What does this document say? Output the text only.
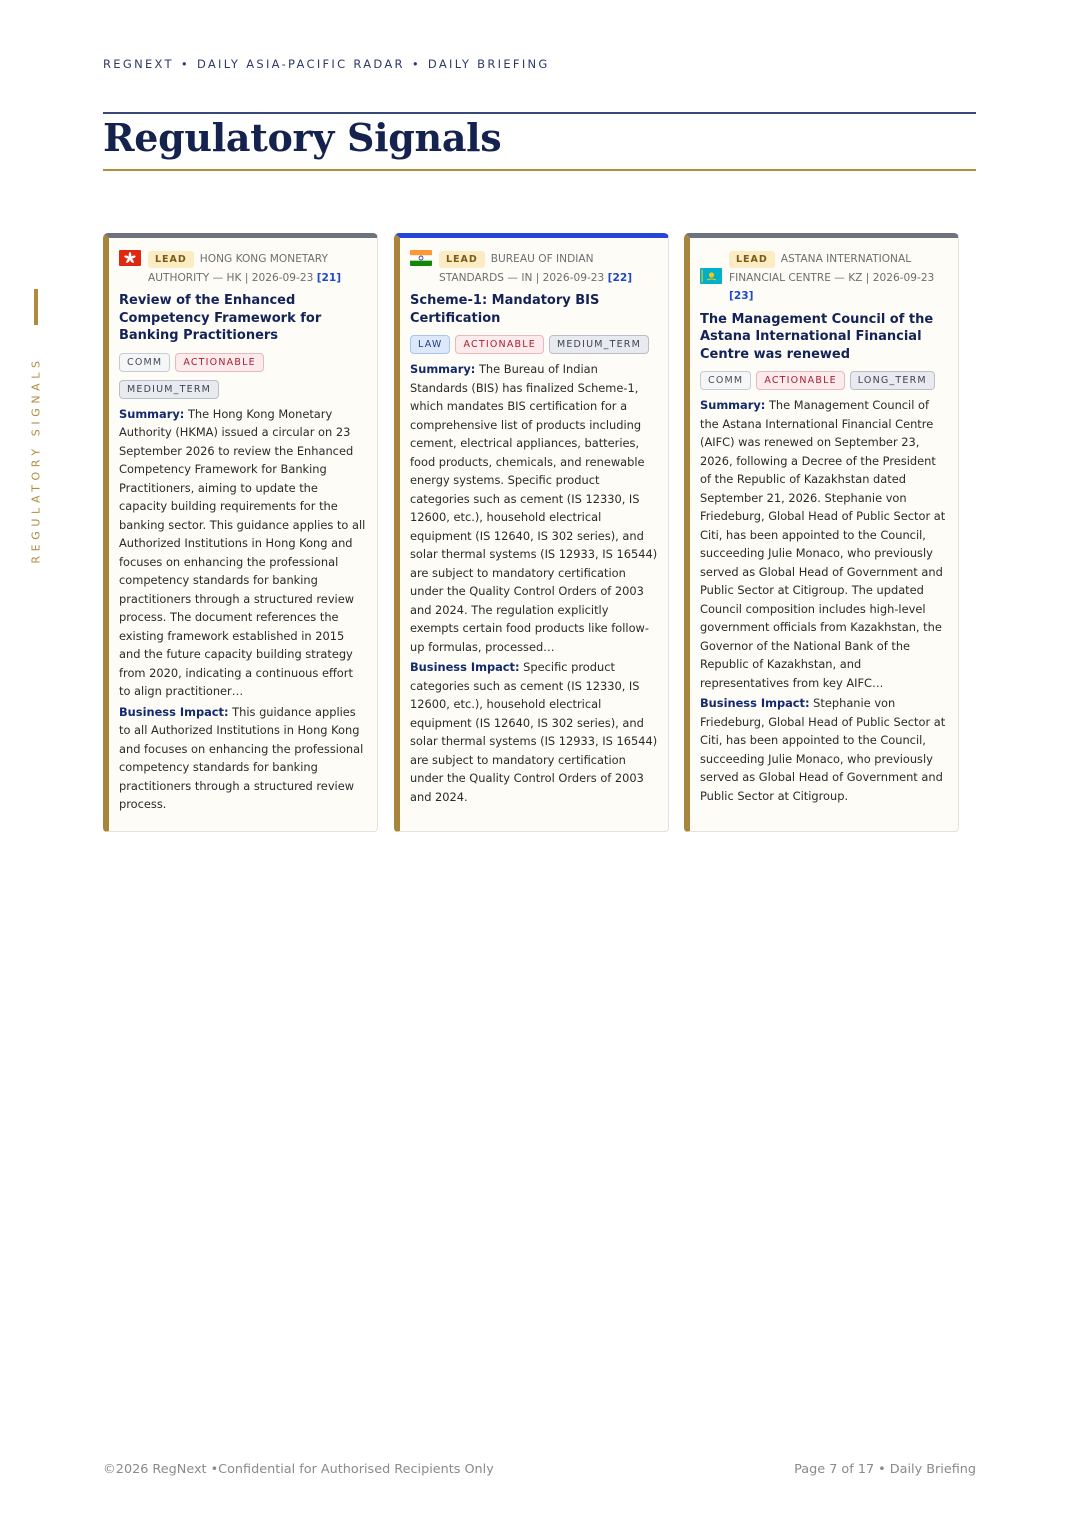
REGNEXT • DAILY ASIA-PACIFIC RADAR • DAILY BRIEFING
Regulatory Signals
REGULATORY SIGNALS
LEAD HONG KONG MONETARY AUTHORITY — HK | 2026-09-23 [21]
Review of the Enhanced Competency Framework for Banking Practitioners
COMM ACTIONABLEMEDIUM_TERM

Summary: The Hong Kong Monetary Authority (HKMA) issued a circular on 23 September 2026 to review the Enhanced Competency Framework for Banking Practitioners, aiming to update the capacity building requirements for the banking sector. This guidance applies to all Authorized Institutions in Hong Kong and focuses on enhancing the professional competency standards for banking practitioners through a structured review process. The document references the existing framework established in 2015 and the future capacity building strategy from 2020, indicating a continuous effort to align practitioner…

Business Impact: This guidance applies to all Authorized Institutions in Hong Kong and focuses on enhancing the professional competency standards for banking practitioners through a structured review process.

LEAD BUREAU OF INDIAN STANDARDS — IN | 2026-09-23 [22]
Scheme-1: Mandatory BIS Certification
LAW ACTIONABLE MEDIUM_TERM

Summary: The Bureau of Indian Standards (BIS) has finalized Scheme-1, which mandates BIS certification for a comprehensive list of products including cement, electrical appliances, batteries, food products, chemicals, and renewable energy systems. Specific product categories such as cement (IS 12330, IS 12600, etc.), household electrical equipment (IS 12640, IS 302 series), and solar thermal systems (IS 12933, IS 16544) are subject to mandatory certification under the Quality Control Orders of 2003 and 2024. The regulation explicitly exempts certain food products like follow-up formulas, processed…

Business Impact: Specific product categories such as cement (IS 12330, IS 12600, etc.), household electrical equipment (IS 12640, IS 302 series), and solar thermal systems (IS 12933, IS 16544) are subject to mandatory certification under the Quality Control Orders of 2003 and 2024.

LEAD ASTANA INTERNATIONAL FINANCIAL CENTRE — KZ | 2026-09-23 [23]
The Management Council of the Astana International Financial Centre was renewed
COMM ACTIONABLE LONG_TERM

Summary: The Management Council of the Astana International Financial Centre (AIFC) was renewed on September 23, 2026, following a Decree of the President of the Republic of Kazakhstan dated September 21, 2026. Stephanie von Friedeburg, Global Head of Public Sector at Citi, has been appointed to the Council, succeeding Julie Monaco, who previously served as Global Head of Government and Public Sector at Citigroup. The updated Council composition includes high-level government officials from Kazakhstan, the Governor of the National Bank of the Republic of Kazakhstan, and representatives from key AIFC…

Business Impact: Stephanie von Friedeburg, Global Head of Public Sector at Citi, has been appointed to the Council, succeeding Julie Monaco, who previously served as Global Head of Government and Public Sector at Citigroup.

©2026 RegNext •Confidential for Authorised Recipients Only	Page 7 of 17 • Daily Briefing
